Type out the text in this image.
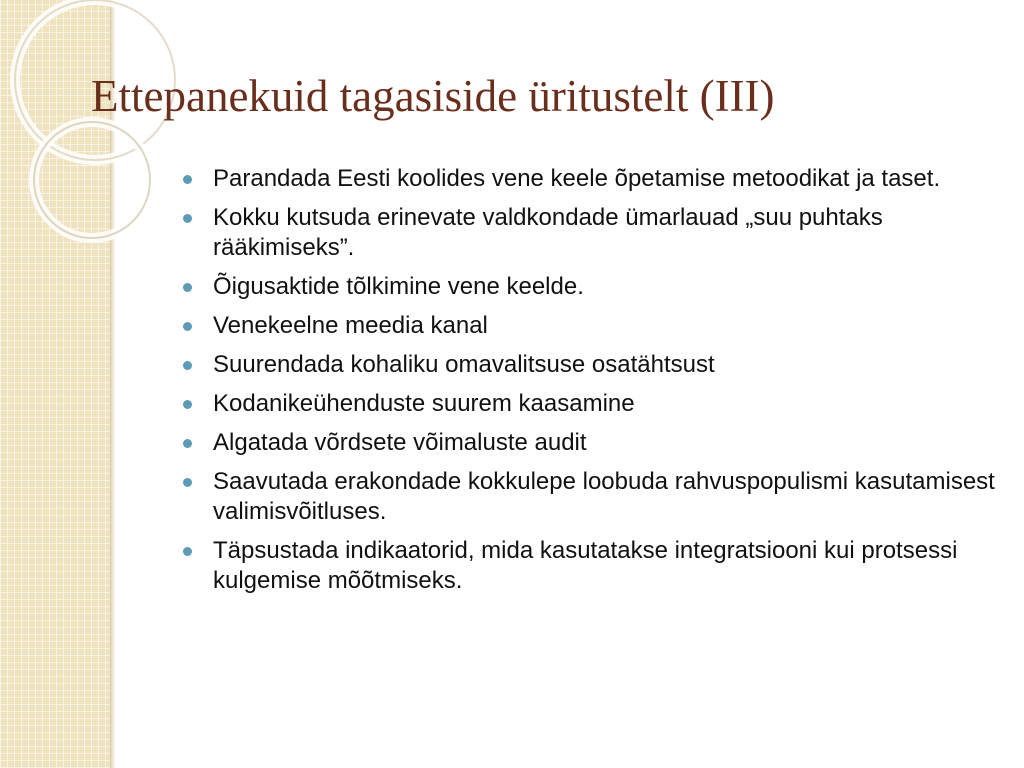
Ettepanekuid tagasiside üritustelt (III)
Parandada Eesti koolides vene keele õpetamise metoodikat ja taset.
Kokku kutsuda erinevate valdkondade ümarlauad „suu puhtaks rääkimiseks”.
Õigusaktide tõlkimine vene keelde.
Venekeelne meedia kanal
Suurendada kohaliku omavalitsuse osatähtsust
Kodanikeühenduste suurem kaasamine
Algatada võrdsete võimaluste audit
Saavutada erakondade kokkulepe loobuda rahvuspopulismi kasutamisest valimisvõitluses.
Täpsustada indikaatorid, mida kasutatakse integratsiooni kui protsessi kulgemise mõõtmiseks.
